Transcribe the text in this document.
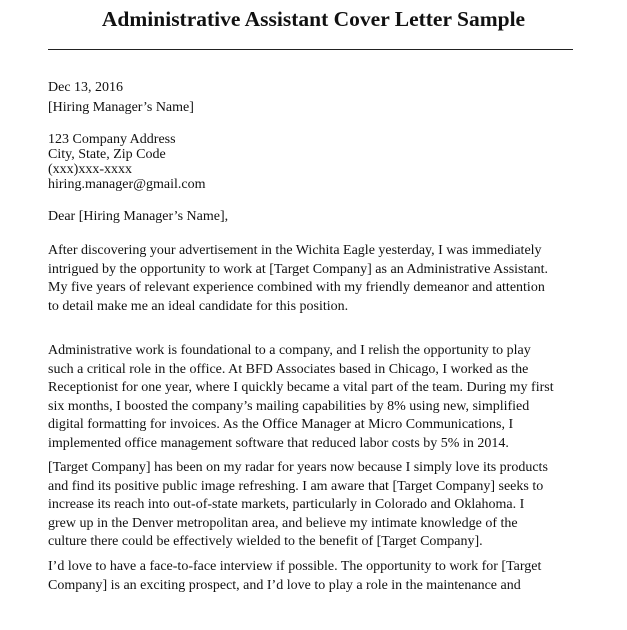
Administrative Assistant Cover Letter Sample
Dec 13, 2016
[Hiring Manager’s Name]
123 Company Address
City, State, Zip Code
(xxx)xxx-xxxx
hiring.manager@gmail.com
Dear [Hiring Manager’s Name],
After discovering your advertisement in the Wichita Eagle yesterday, I was immediately
intrigued by the opportunity to work at [Target Company] as an Administrative Assistant.
My five years of relevant experience combined with my friendly demeanor and attention
to detail make me an ideal candidate for this position.
Administrative work is foundational to a company, and I relish the opportunity to play
such a critical role in the office. At BFD Associates based in Chicago, I worked as the
Receptionist for one year, where I quickly became a vital part of the team. During my first
six months, I boosted the company’s mailing capabilities by 8% using new, simplified
digital formatting for invoices. As the Office Manager at Micro Communications, I
implemented office management software that reduced labor costs by 5% in 2014.
[Target Company] has been on my radar for years now because I simply love its products
and find its positive public image refreshing. I am aware that [Target Company] seeks to
increase its reach into out-of-state markets, particularly in Colorado and Oklahoma. I
grew up in the Denver metropolitan area, and believe my intimate knowledge of the
culture there could be effectively wielded to the benefit of [Target Company].
I’d love to have a face-to-face interview if possible. The opportunity to work for [Target
Company] is an exciting prospect, and I’d love to play a role in the maintenance and
